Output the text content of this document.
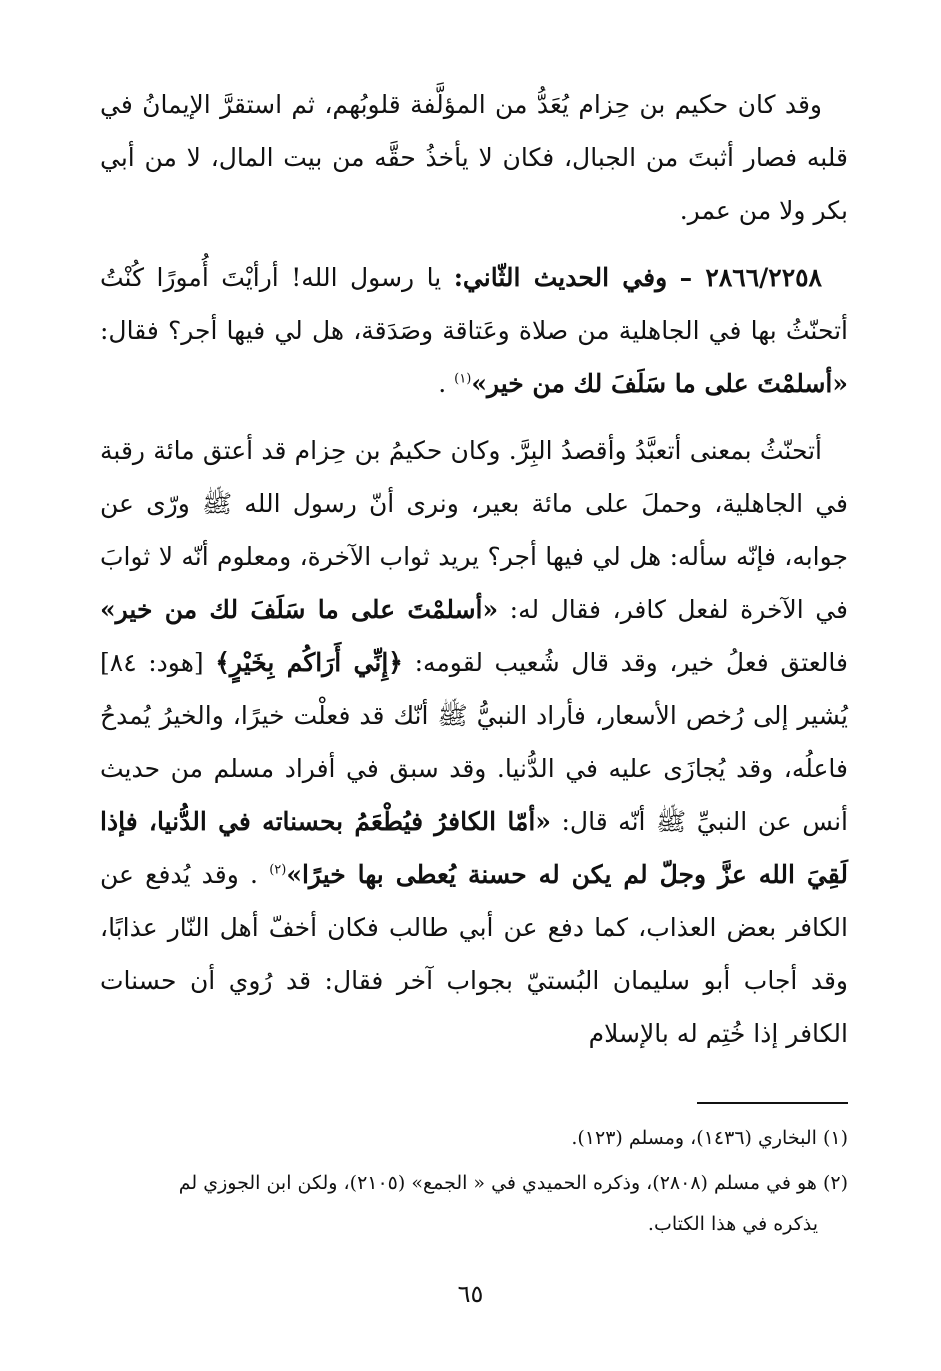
وقد كان حكيم بن حِزام يُعَدُّ من المؤلَّفة قلوبُهم، ثم استقرَّ الإيمانُ في قلبه فصار أثبتَ من الجبال، فكان لا يأخذُ حقَّه من بيت المال، لا من أبي بكر ولا من عمر.

٢٨٦٦/٢٢٥٨ – وفي الحديث الثّاني: يا رسول الله! أرأيْتَ أُمورًا كُنْتُ أتحنّثُ بها في الجاهلية من صلاة وعَتاقة وصَدَقة، هل لي فيها أجر؟ فقال: «أسلمْتَ على ما سَلَفَ لك من خير»$^{(١)}$ .

أتحنّثُ بمعنى أتعبَّدُ وأقصدُ البِرَّ. وكان حكيمُ بن حِزام قد أعتق مائة رقبة في الجاهلية، وحملَ على مائة بعير، ونرى أنّ رسول الله ﷺ ورّى عن جوابه، فإنّه سأله: هل لي فيها أجر؟ يريد ثواب الآخرة، ومعلوم أنّه لا ثوابَ في الآخرة لفعل كافر، فقال له: «أسلمْتَ على ما سَلَفَ لك من خير» فالعتق فعلُ خير، وقد قال شُعيب لقومه: ﴿إِنِّي أَرَاكُم بِخَيْرٍ﴾ [هود: ٨٤] يُشير إلى رُخص الأسعار، فأراد النبيُّ ﷺ أنّك قد فعلْت خيرًا، والخيرُ يُمدحُ فاعلُه، وقد يُجازَى عليه في الدُّنيا. وقد سبق في أفراد مسلم من حديث أنس عن النبيِّ ﷺ أنّه قال: «أمّا الكافرُ فيُطْعَمُ بحسناته في الدُّنيا، فإذا لَقِيَ الله عزَّ وجلّ لم يكن له حسنة يُعطى بها خيرًا»$^{(٢)}$ . وقد يُدفع عن الكافر بعض العذاب، كما دفع عن أبي طالب فكان أخفّ أهل النّار عذابًا، وقد أجاب أبو سليمان البُستيّ بجواب آخر فقال: قد رُوي أن حسنات الكافر إذا خُتِم له بالإسلام

(١) البخاري (١٤٣٦)، ومسلم (١٢٣).

(٢) هو في مسلم (٢٨٠٨)، وذكره الحميدي في « الجمع» (٢١٠٥)، ولكن ابن الجوزي لم
يذكره في هذا الكتاب.

٦٥
